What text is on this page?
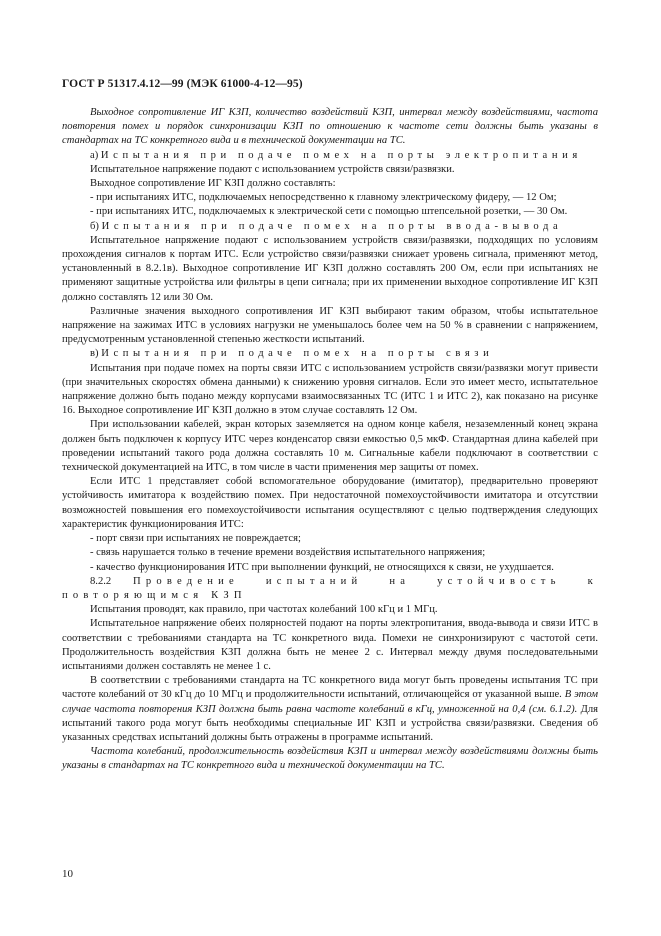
ГОСТ Р 51317.4.12—99 (МЭК 61000-4-12—95)

Выходное сопротивление ИГ КЗП, количество воздействий КЗП, интервал между воздействиями, частота повторения помех и порядок синхронизации КЗП по отношению к частоте сети должны быть указаны в стандартах на ТС конкретного вида и в технической документации на ТС.

а) Испытания при подаче помех на порты электропитания

Испытательное напряжение подают с использованием устройств связи/развязки.

Выходное сопротивление ИГ КЗП должно составлять:

- при испытаниях ИТС, подключаемых непосредственно к главному электрическому фидеру, — 12 Ом;

- при испытаниях ИТС, подключаемых к электрической сети с помощью штепсельной розетки, — 30 Ом.

б) Испытания при подаче помех на порты ввода-вывода

Испытательное напряжение подают с использованием устройств связи/развязки, подходящих по условиям прохождения сигналов к портам ИТС. Если устройство связи/развязки снижает уровень сигнала, применяют метод, установленный в 8.2.1в). Выходное сопротивление ИГ КЗП должно составлять 200 Ом, если при испытаниях не применяют защитные устройства или фильтры в цепи сигнала; при их применении выходное сопротивление ИГ КЗП должно составлять 12 или 30 Ом.

Различные значения выходного сопротивления ИГ КЗП выбирают таким образом, чтобы испытательное напряжение на зажимах ИТС в условиях нагрузки не уменьшалось более чем на 50 % в сравнении с напряжением, предусмотренным установленной степенью жесткости испытаний.

в) Испытания при подаче помех на порты связи

Испытания при подаче помех на порты связи ИТС с использованием устройств связи/развязки могут привести (при значительных скоростях обмена данными) к снижению уровня сигналов. Если это имеет место, испытательное напряжение должно быть подано между корпусами взаимосвязанных ТС (ИТС 1 и ИТС 2), как показано на рисунке 16. Выходное сопротивление ИГ КЗП должно в этом случае составлять 12 Ом.

При использовании кабелей, экран которых заземляется на одном конце кабеля, незаземленный конец экрана должен быть подключен к корпусу ИТС через конденсатор связи емкостью 0,5 мкФ. Стандартная длина кабелей при проведении испытаний такого рода должна составлять 10 м. Сигнальные кабели подключают в соответствии с технической документацией на ИТС, в том числе в части применения мер защиты от помех.

Если ИТС 1 представляет собой вспомогательное оборудование (имитатор), предварительно проверяют устойчивость имитатора к воздействию помех. При недостаточной помехоустойчивости имитатора и отсутствии возможностей повышения его помехоустойчивости испытания осуществляют с целью подтверждения следующих характеристик функционирования ИТС:

- порт связи при испытаниях не повреждается;

- связь нарушается только в течение времени воздействия испытательного напряжения;

- качество функционирования ИТС при выполнении функций, не относящихся к связи, не ухудшается.

8.2.2 Проведение испытаний на устойчивость к повторяющимся КЗП

Испытания проводят, как правило, при частотах колебаний 100 кГц и 1 МГц.

Испытательное напряжение обеих полярностей подают на порты электропитания, ввода-вывода и связи ИТС в соответствии с требованиями стандарта на ТС конкретного вида. Помехи не синхронизируют с частотой сети. Продолжительность воздействия КЗП должна быть не менее 2 с. Интервал между двумя последовательными испытаниями должен составлять не менее 1 с.

В соответствии с требованиями стандарта на ТС конкретного вида могут быть проведены испытания ТС при частоте колебаний от 30 кГц до 10 МГц и продолжительности испытаний, отличающейся от указанной выше. В этом случае частота повторения КЗП должна быть равна частоте колебаний в кГц, умноженной на 0,4 (см. 6.1.2). Для испытаний такого рода могут быть необходимы специальные ИГ КЗП и устройства связи/развязки. Сведения об указанных средствах испытаний должны быть отражены в программе испытаний.

Частота колебаний, продолжительность воздействия КЗП и интервал между воздействиями должны быть указаны в стандартах на ТС конкретного вида и технической документации на ТС.

10
